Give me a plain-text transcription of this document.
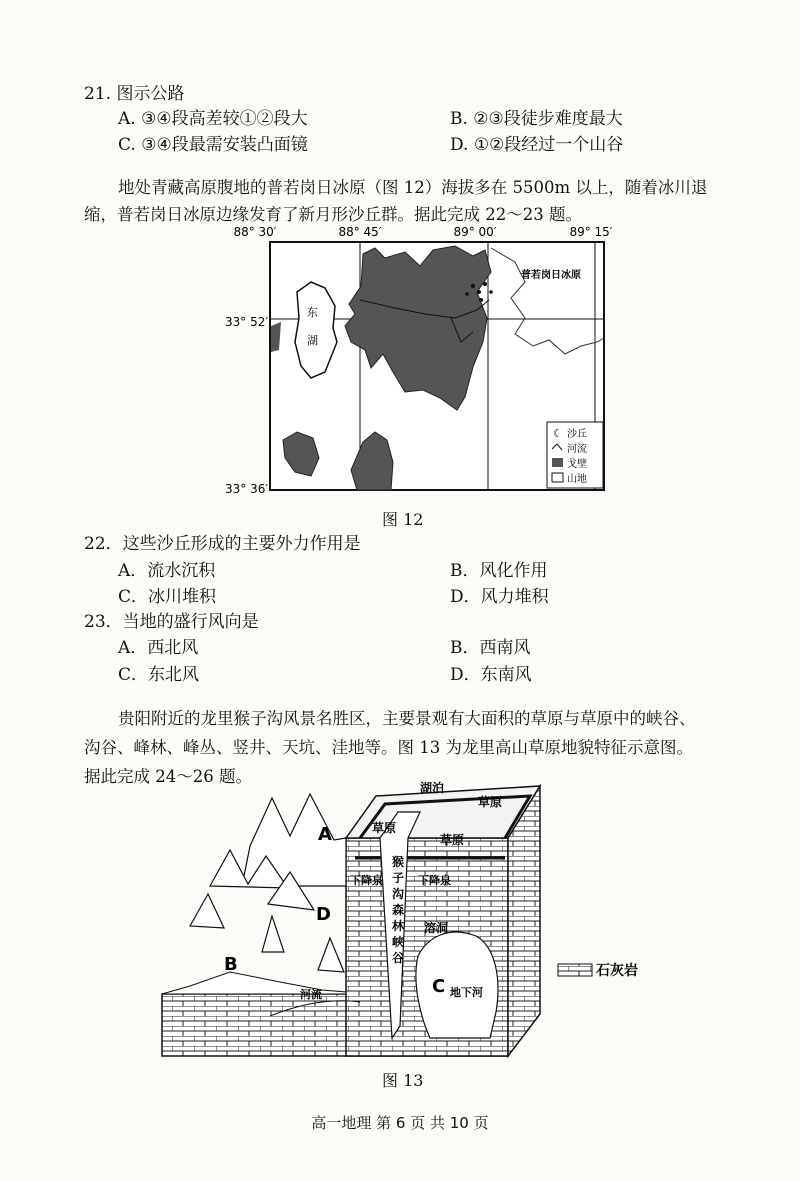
21. 图示公路
A. ③④段高差较①②段大	B. ②③段徒步难度最大
C. ③④段最需安装凸面镜	D. ①②段经过一个山谷
地处青藏高原腹地的普若岗日冰原（图 12）海拔多在 5500m 以上，随着冰川退
缩，普若岗日冰原边缘发育了新月形沙丘群。据此完成 22～23 题。
88° 30′	88° 45′	89° 00′	89° 15′
33° 52′
33° 36′
东
湖
普若岗日冰原
☾ 沙丘
河流
戈壁
山地
图 12
22．这些沙丘形成的主要外力作用是
A．流水沉积	B．风化作用
C．冰川堆积	D．风力堆积
23．当地的盛行风向是
A．西北风	B．西南风
C．东北风	D．东南风
贵阳附近的龙里猴子沟风景名胜区，主要景观有大面积的草原与草原中的峡谷、
沟谷、峰林、峰丛、竖井、天坑、洼地等。图 13 为龙里高山草原地貌特征示意图。
据此完成 24～26 题。
湖泊
草原
草原
草原
下降泉	下降泉
猴
子
沟
森
林
峡
谷
溶洞
河流	地下河
A
B
C
D
石灰岩
图 13
高一地理 第 6 页 共 10 页
